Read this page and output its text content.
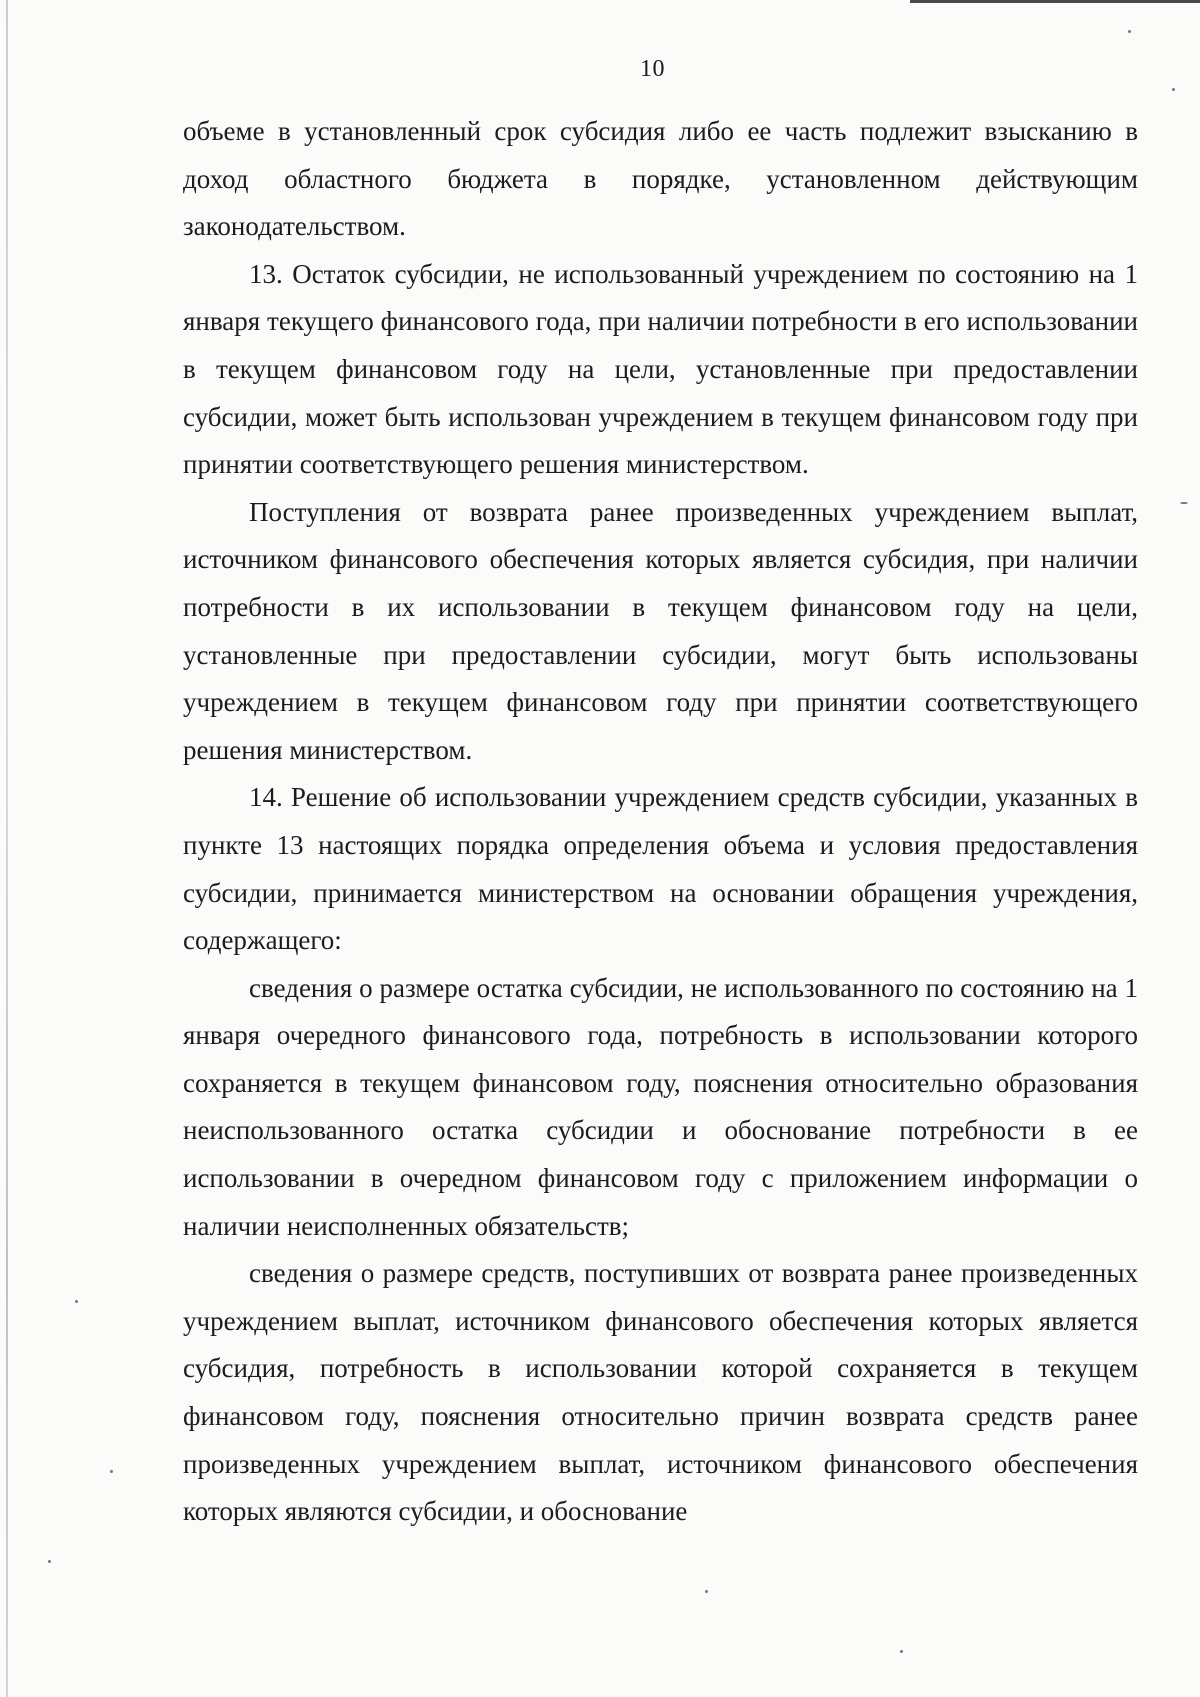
10

объеме в установленный срок субсидия либо ее часть подлежит взысканию в доход областного бюджета в порядке, установленном действующим законодательством.

13. Остаток субсидии, не использованный учреждением по состоянию на 1 января текущего финансового года, при наличии потребности в его использовании в текущем финансовом году на цели, установленные при предоставлении субсидии, может быть использован учреждением в текущем финансовом году при принятии соответствующего решения министерством.

Поступления от возврата ранее произведенных учреждением выплат, источником финансового обеспечения которых является субсидия, при наличии потребности в их использовании в текущем финансовом году на цели, установленные при предоставлении субсидии, могут быть использованы учреждением в текущем финансовом году при принятии соответствующего решения министерством.

14. Решение об использовании учреждением средств субсидии, указанных в пункте 13 настоящих порядка определения объема и условия предоставления субсидии, принимается министерством на основании обращения учреждения, содержащего:

сведения о размере остатка субсидии, не использованного по состоянию на 1 января очередного финансового года, потребность в использовании которого сохраняется в текущем финансовом году, пояснения относительно образования неиспользованного остатка субсидии и обоснование потребности в ее использовании в очередном финансовом году с приложением информации о наличии неисполненных обязательств;

сведения о размере средств, поступивших от возврата ранее произведенных учреждением выплат, источником финансового обеспечения которых является субсидия, потребность в использовании которой сохраняется в текущем финансовом году, пояснения относительно причин возврата средств ранее произведенных учреждением выплат, источником финансового обеспечения которых являются субсидии, и обоснование
